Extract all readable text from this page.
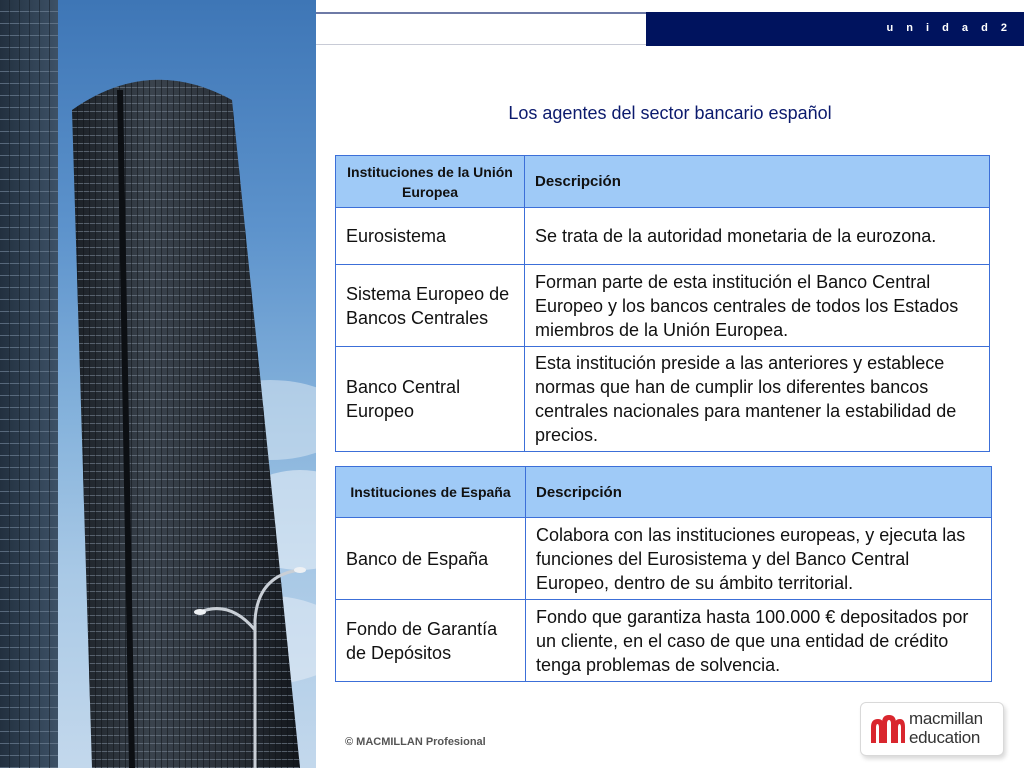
u n i d a d 2
Los agentes del sector bancario español
Instituciones de la Unión Europea	Descripción
Eurosistema	Se trata de la autoridad monetaria de la eurozona.
Sistema Europeo de Bancos Centrales	Forman parte de esta institución el Banco Central Europeo y los bancos centrales de todos los Estados miembros de la Unión Europea.
Banco Central Europeo	Esta institución preside a las anteriores y establece normas que han de cumplir los diferentes bancos centrales nacionales para mantener la estabilidad de precios.
Instituciones de España	Descripción
Banco de España	Colabora con las instituciones europeas, y ejecuta las funciones del Eurosistema y del Banco Central Europeo, dentro de su ámbito territorial.
Fondo de Garantía de Depósitos	Fondo que garantiza hasta 100.000 € depositados por un cliente, en el caso de que una entidad de crédito tenga problemas de solvencia.
© MACMILLAN Profesional
macmillan
education
